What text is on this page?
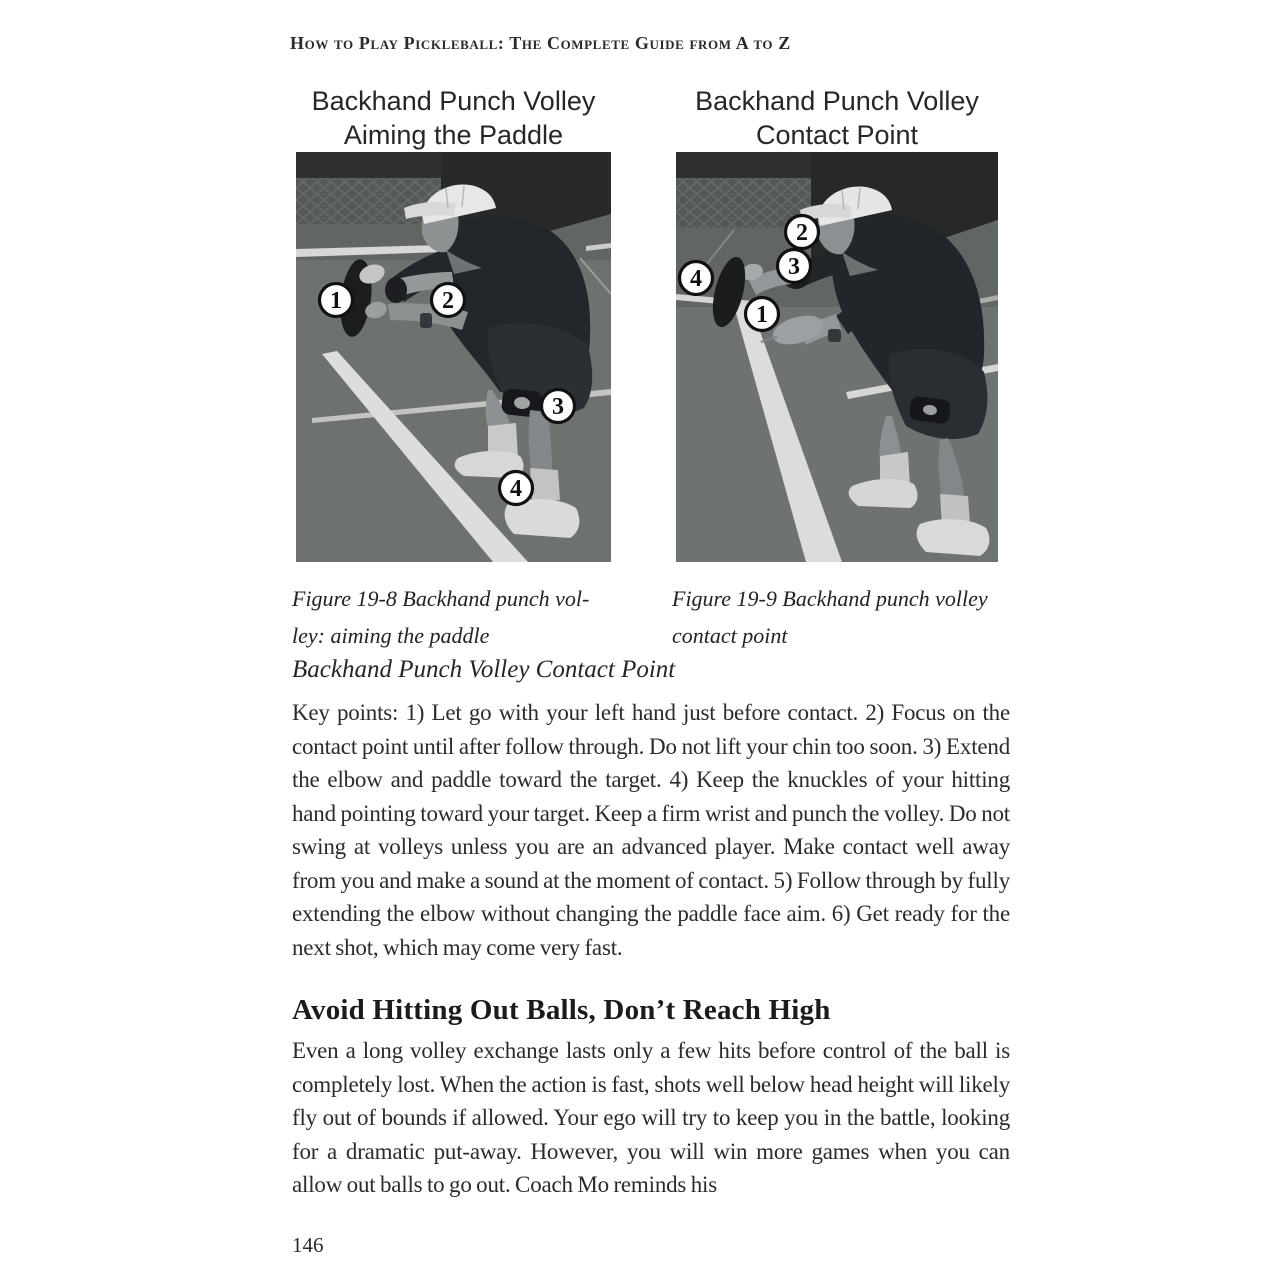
How to Play Pickleball: The Complete Guide from A to Z
Backhand Punch Volley
Aiming the Paddle
1	2
3
4
Figure 19-8 Backhand punch vol-
ley: aiming the paddle
Backhand Punch Volley
Contact Point
2
3
4
1
Figure 19-9 Backhand punch volley
contact point
Backhand Punch Volley Contact Point

Key points: 1) Let go with your left hand just before contact. 2) Focus on the contact point until after follow through. Do not lift your chin too soon. 3) Extend the elbow and paddle toward the target. 4) Keep the knuckles of your hitting hand pointing toward your target. Keep a firm wrist and punch the volley. Do not swing at volleys unless you are an advanced player. Make contact well away from you and make a sound at the moment of contact. 5) Follow through by fully extending the elbow without changing the paddle face aim. 6) Get ready for the next shot, which may come very fast.

Avoid Hitting Out Balls, Don’t Reach High

Even a long volley exchange lasts only a few hits before control of the ball is completely lost. When the action is fast, shots well below head height will likely fly out of bounds if allowed. Your ego will try to keep you in the battle, looking for a dramatic put-away. However, you will win more games when you can allow out balls to go out. Coach Mo reminds his

146
